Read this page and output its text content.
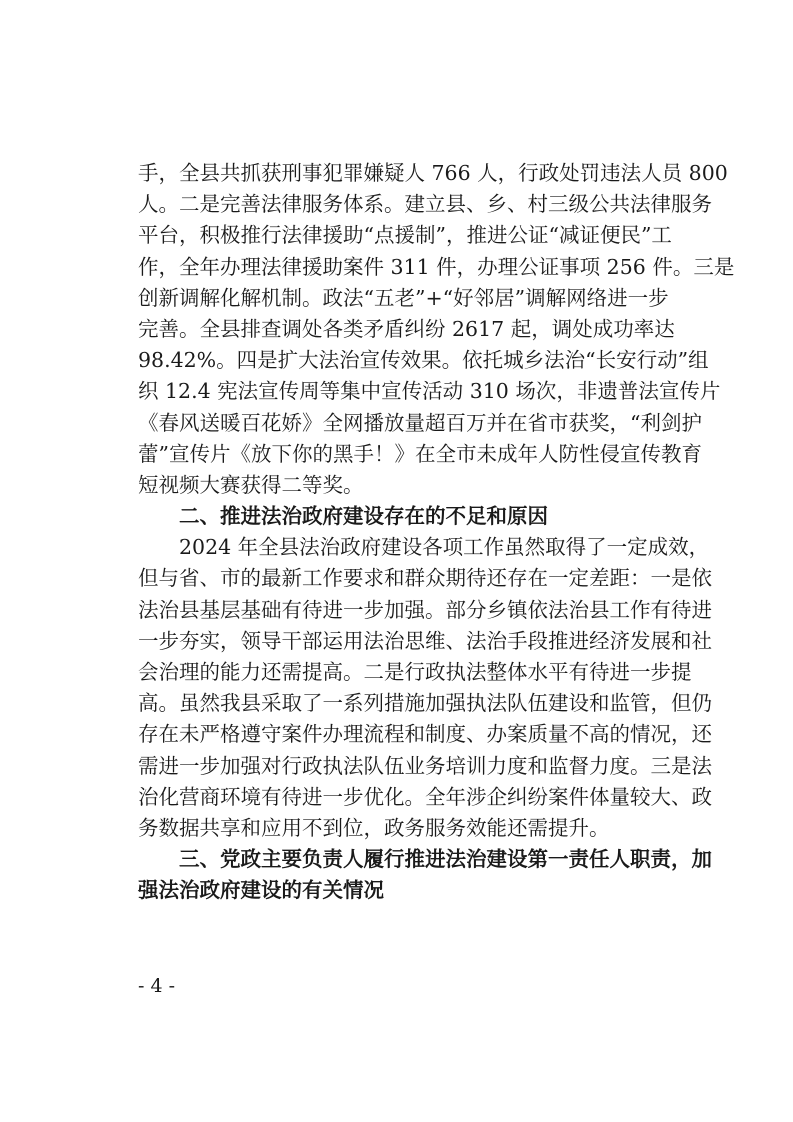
手，全县共抓获刑事犯罪嫌疑人 766 人，行政处罚违法人员 800
人。二是完善法律服务体系。建立县、乡、村三级公共法律服务
平台，积极推行法律援助“点援制”，推进公证“减证便民”工
作，全年办理法律援助案件 311 件，办理公证事项 256 件。三是
创新调解化解机制。政法“五老”+“好邻居”调解网络进一步
完善。全县排查调处各类矛盾纠纷 2617 起，调处成功率达
98.42%。四是扩大法治宣传效果。依托城乡法治“长安行动”组
织 12.4 宪法宣传周等集中宣传活动 310 场次，非遗普法宣传片
《春风送暖百花娇》全网播放量超百万并在省市获奖，“利剑护
蕾”宣传片《放下你的黑手！》在全市未成年人防性侵宣传教育
短视频大赛获得二等奖。
二、推进法治政府建设存在的不足和原因
2024 年全县法治政府建设各项工作虽然取得了一定成效，
但与省、市的最新工作要求和群众期待还存在一定差距：一是依
法治县基层基础有待进一步加强。部分乡镇依法治县工作有待进
一步夯实，领导干部运用法治思维、法治手段推进经济发展和社
会治理的能力还需提高。二是行政执法整体水平有待进一步提
高。虽然我县采取了一系列措施加强执法队伍建设和监管，但仍
存在未严格遵守案件办理流程和制度、办案质量不高的情况，还
需进一步加强对行政执法队伍业务培训力度和监督力度。三是法
治化营商环境有待进一步优化。全年涉企纠纷案件体量较大、政
务数据共享和应用不到位，政务服务效能还需提升。
三、党政主要负责人履行推进法治建设第一责任人职责，加
强法治政府建设的有关情况
- 4 -
